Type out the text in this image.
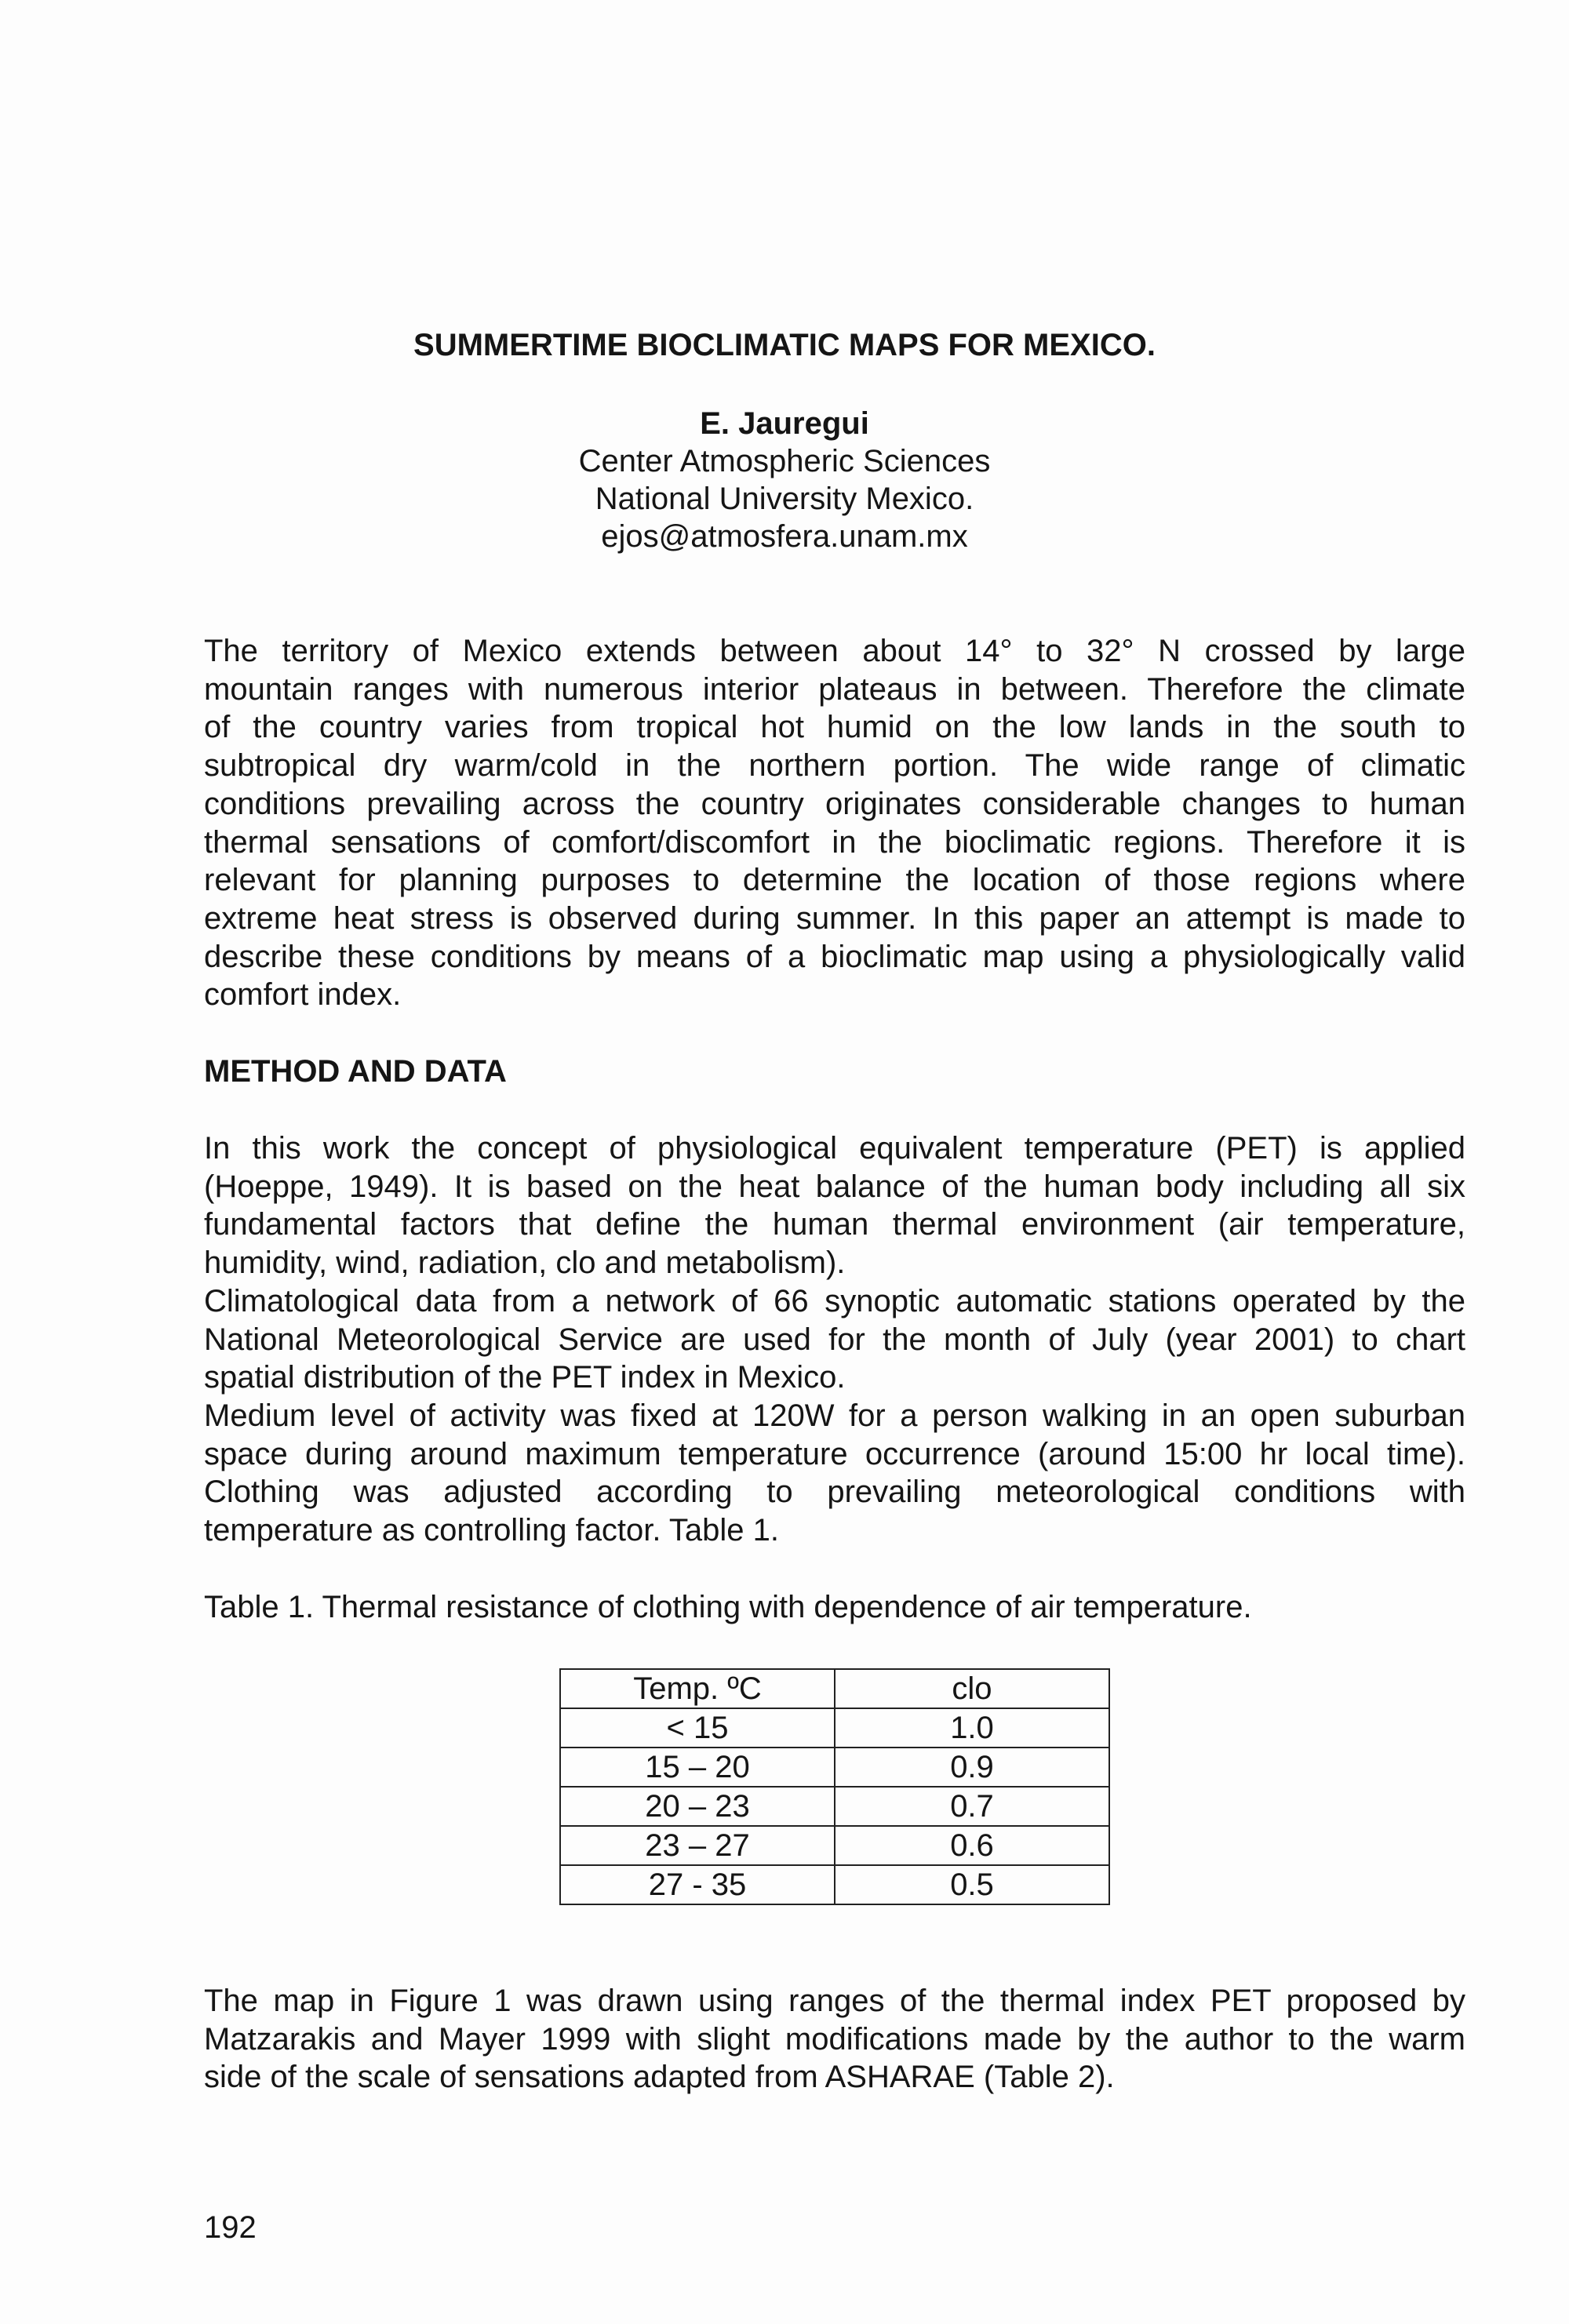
SUMMERTIME BIOCLIMATIC MAPS FOR MEXICO.
E. Jauregui
Center Atmospheric Sciences
National University Mexico.
ejos@atmosfera.unam.mx
The territory of Mexico extends between about 14° to 32° N crossed by large
mountain ranges with numerous interior plateaus in between. Therefore the climate
of the country varies from tropical hot humid on the low lands in the south to
subtropical dry warm/cold in the northern portion. The wide range of climatic
conditions prevailing across the country originates considerable changes to human
thermal sensations of comfort/discomfort in the bioclimatic regions. Therefore it is
relevant for planning purposes to determine the location of those regions where
extreme heat stress is observed during summer. In this paper an attempt is made to
describe these conditions by means of a bioclimatic map using a physiologically valid
comfort index.
METHOD AND DATA
In this work the concept of physiological equivalent temperature (PET) is applied
(Hoeppe, 1949). It is based on the heat balance of the human body including all six
fundamental factors that define the human thermal environment (air temperature,
humidity, wind, radiation, clo and metabolism).
Climatological data from a network of 66 synoptic automatic stations operated by the
National Meteorological Service are used for the month of July (year 2001) to chart
spatial distribution of the PET index in Mexico.
Medium level of activity was fixed at 120W for a person walking in an open suburban
space during around maximum temperature occurrence (around 15:00 hr local time).
Clothing was adjusted according to prevailing meteorological conditions with
temperature as controlling factor. Table 1.
Table 1. Thermal resistance of clothing with dependence of air temperature.
Temp. ºC	clo
< 15	1.0
15 – 20	0.9
20 – 23	0.7
23 – 27	0.6
27 - 35	0.5
The map in Figure 1 was drawn using ranges of the thermal index PET proposed by
Matzarakis and Mayer 1999 with slight modifications made by the author to the warm
side of the scale of sensations adapted from ASHARAE (Table 2).
192
